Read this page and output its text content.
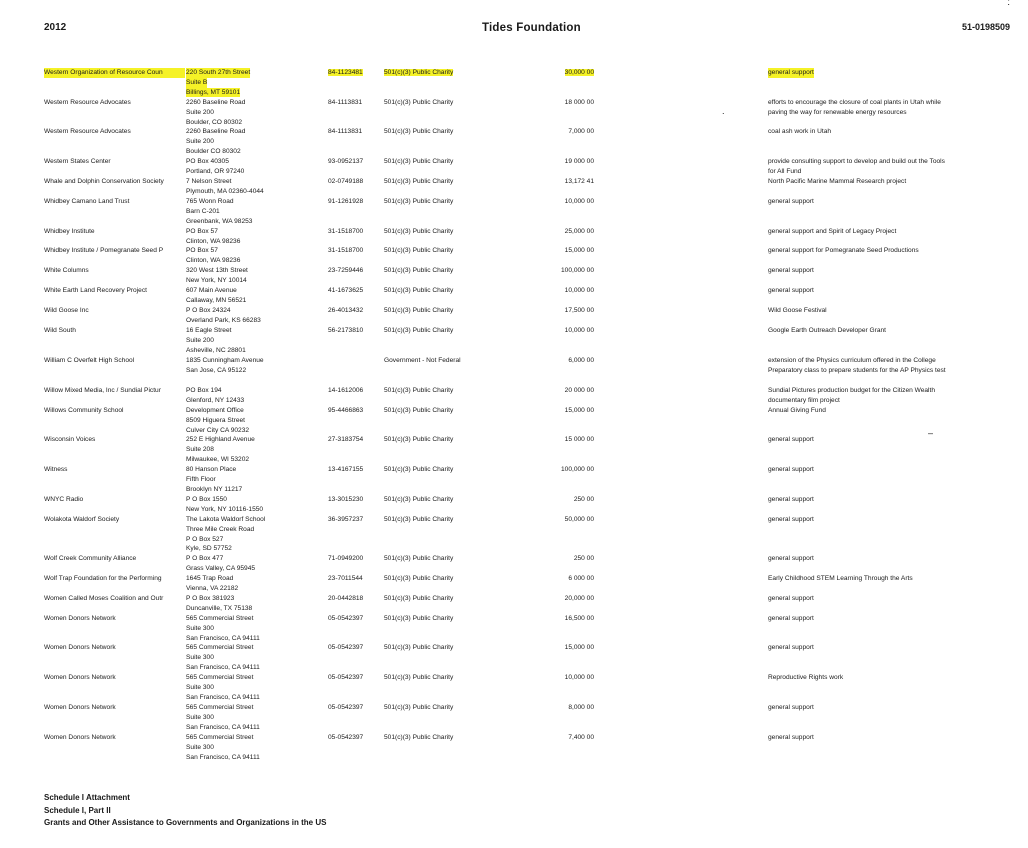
2012	Tides Foundation	51-0198509
:
Western Organization of Resource Coun	220 South 27th Street
Suite B
Billings, MT 59101
84-1123481	501(c)(3) Public Charity	30,000 00	general support
Western Resource Advocates	2260 Baseline Road
Suite 200
Boulder, CO 80302
84-1113831	501(c)(3) Public Charity	18 000 00	efforts to encourage the closure of coal plants in Utah while
paving the way for renewable energy resources
Western Resource Advocates	2260 Baseline Road
Suite 200
Boulder CO 80302
84-1113831	501(c)(3) Public Charity	7,000 00	coal ash work in Utah
Western States Center	PO Box 40305
Portland, OR 97240
93-0952137	501(c)(3) Public Charity	19 000 00	provide consulting support to develop and build out the Tools
for All Fund
Whale and Dolphin Conservation Society	7 Nelson Street
Plymouth, MA 02360-4044
02-0749188	501(c)(3) Public Charity	13,172 41	North Pacific Marine Mammal Research project
Whidbey Camano Land Trust	765 Wonn Road
Barn C-201
Greenbank, WA 98253
91-1261928	501(c)(3) Public Charity	10,000 00	general support
Whidbey Institute	PO Box 57
Clinton, WA 98236
31-1518700	501(c)(3) Public Charity	25,000 00	general support and Spirit of Legacy Project
Whidbey Institute / Pomegranate Seed P	PO Box 57
Clinton, WA 98236
31-1518700	501(c)(3) Public Charity	15,000 00	general support for Pomegranate Seed Productions
White Columns	320 West 13th Street
New York, NY 10014
23-7259446	501(c)(3) Public Charity	100,000 00	general support
White Earth Land Recovery Project	607 Main Avenue
Callaway, MN 56521
41-1673625	501(c)(3) Public Charity	10,000 00	general support
Wild Goose Inc	P O Box 24324
Overland Park, KS 66283
26-4013432	501(c)(3) Public Charity	17,500 00	Wild Goose Festival
Wild South	16 Eagle Street
Suite 200
Asheville, NC 28801
56-2173810	501(c)(3) Public Charity	10,000 00	Google Earth Outreach Developer Grant
William C Overfelt High School	1835 Cunningham Avenue
San Jose, CA 95122
Government - Not Federal	6,000 00	extension of the Physics curriculum offered in the College
Preparatory class to prepare students for the AP Physics test
Willow Mixed Media, Inc / Sundial Pictur	PO Box 194
Glenford, NY 12433
14-1612006	501(c)(3) Public Charity	20 000 00	Sundial Pictures production budget for the Citizen Wealth
documentary film project
Willows Community School	Development Office
8509 Higuera Street
Culver City CA 90232
95-4466863	501(c)(3) Public Charity	15,000 00	Annual Giving Fund
Wisconsin Voices	252 E Highland Avenue
Suite 208
Milwaukee, WI 53202
27-3183754	501(c)(3) Public Charity	15 000 00	general support
Witness	80 Hanson Place
Fifth Floor
Brooklyn NY 11217
13-4167155	501(c)(3) Public Charity	100,000 00	general support
WNYC Radio	P O Box 1550
New York, NY 10116-1550
13-3015230	501(c)(3) Public Charity	250 00	general support
Wolakota Waldorf Society	The Lakota Waldorf School
Three Mile Creek Road
P O Box 527
Kyle, SD 57752
36-3957237	501(c)(3) Public Charity	50,000 00	general support
Wolf Creek Community Alliance	P O Box 477
Grass Valley, CA 95945
71-0949200	501(c)(3) Public Charity	250 00	general support
Wolf Trap Foundation for the Performing	1645 Trap Road
Vienna, VA 22182
23-7011544	501(c)(3) Public Charity	6 000 00	Early Childhood STEM Learning Through the Arts
Women Called Moses Coalition and Outr	P O Box 381923
Duncanville, TX 75138
20-0442818	501(c)(3) Public Charity	20,000 00	general support
Women Donors Network	565 Commercial Street
Suite 300
San Francisco, CA 94111
05-0542397	501(c)(3) Public Charity	16,500 00	general support
Women Donors Network	565 Commercial Street
Suite 300
San Francisco, CA 94111
05-0542397	501(c)(3) Public Charity	15,000 00	general support
Women Donors Network	565 Commercial Street
Suite 300
San Francisco, CA 94111
05-0542397	501(c)(3) Public Charity	10,000 00	Reproductive Rights work
Women Donors Network	565 Commercial Street
Suite 300
San Francisco, CA 94111
05-0542397	501(c)(3) Public Charity	8,000 00	general support
Women Donors Network	565 Commercial Street
Suite 300
San Francisco, CA 94111
05-0542397	501(c)(3) Public Charity	7,400 00	general support
.
–
Schedule I Attachment
Schedule I, Part II
Grants and Other Assistance to Governments and Organizations in the US
